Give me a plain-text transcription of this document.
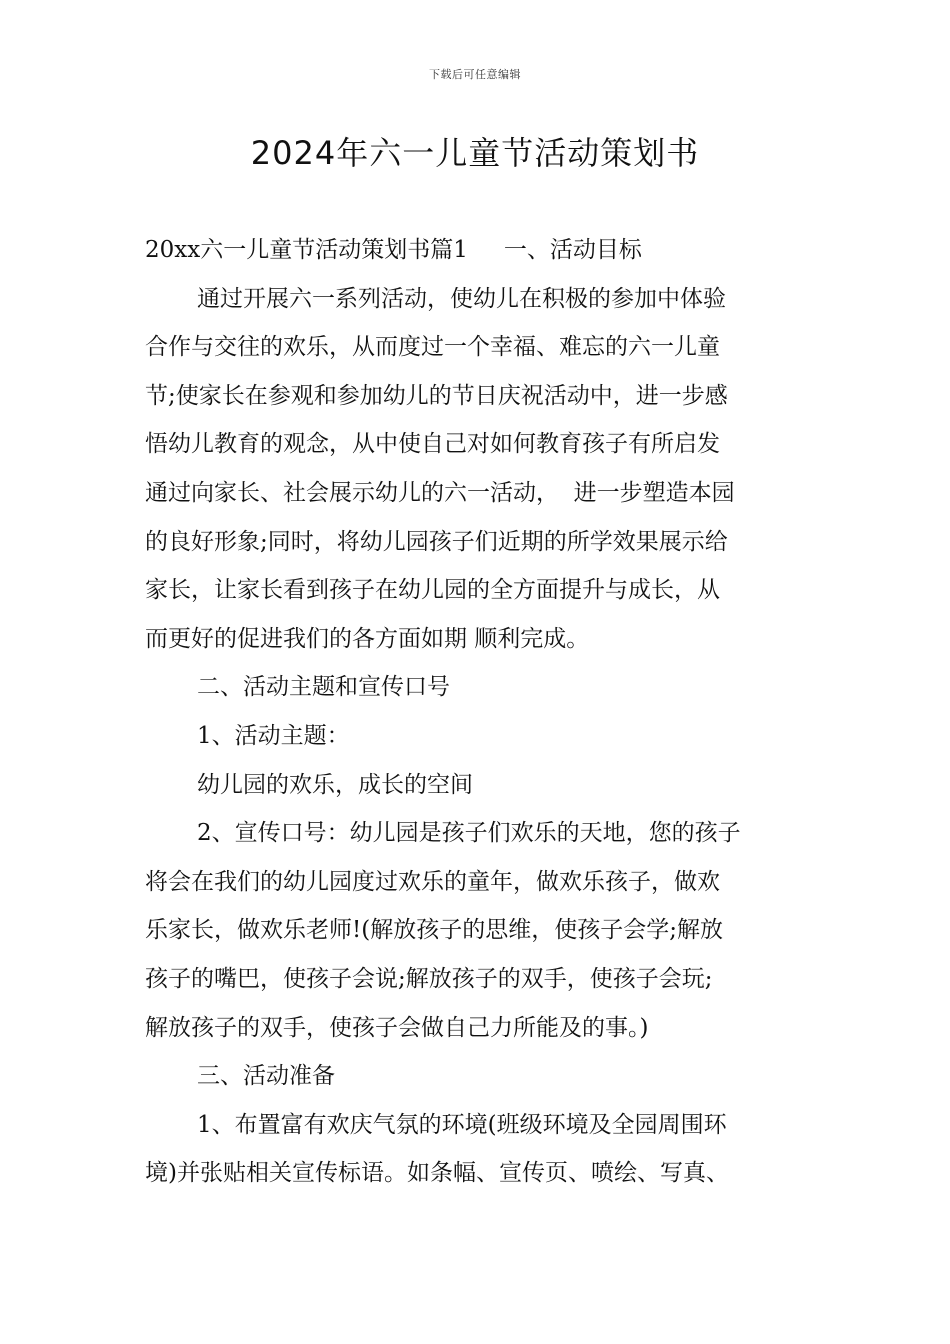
下载后可任意编辑
2024年六一儿童节活动策划书
20xx六一儿童节活动策划书篇1 一、活动目标
通过开展六一系列活动，使幼儿在积极的参加中体验
合作与交往的欢乐，从而度过一个幸福、难忘的六一儿童
节;使家长在参观和参加幼儿的节日庆祝活动中，进一步感
悟幼儿教育的观念，从中使自己对如何教育孩子有所启发
通过向家长、社会展示幼儿的六一活动，  进一步塑造本园
的良好形象;同时，将幼儿园孩子们近期的所学效果展示给
家长，让家长看到孩子在幼儿园的全方面提升与成长，从
而更好的促进我们的各方面如期 顺利完成。
二、活动主题和宣传口号
1、活动主题：
幼儿园的欢乐，成长的空间
2、宣传口号：幼儿园是孩子们欢乐的天地，您的孩子
将会在我们的幼儿园度过欢乐的童年，做欢乐孩子，做欢
乐家长，做欢乐老师!(解放孩子的思维，使孩子会学;解放
孩子的嘴巴，使孩子会说;解放孩子的双手，使孩子会玩;
解放孩子的双手，使孩子会做自己力所能及的事。)
三、活动准备
1、布置富有欢庆气氛的环境(班级环境及全园周围环
境)并张贴相关宣传标语。如条幅、宣传页、喷绘、写真、
